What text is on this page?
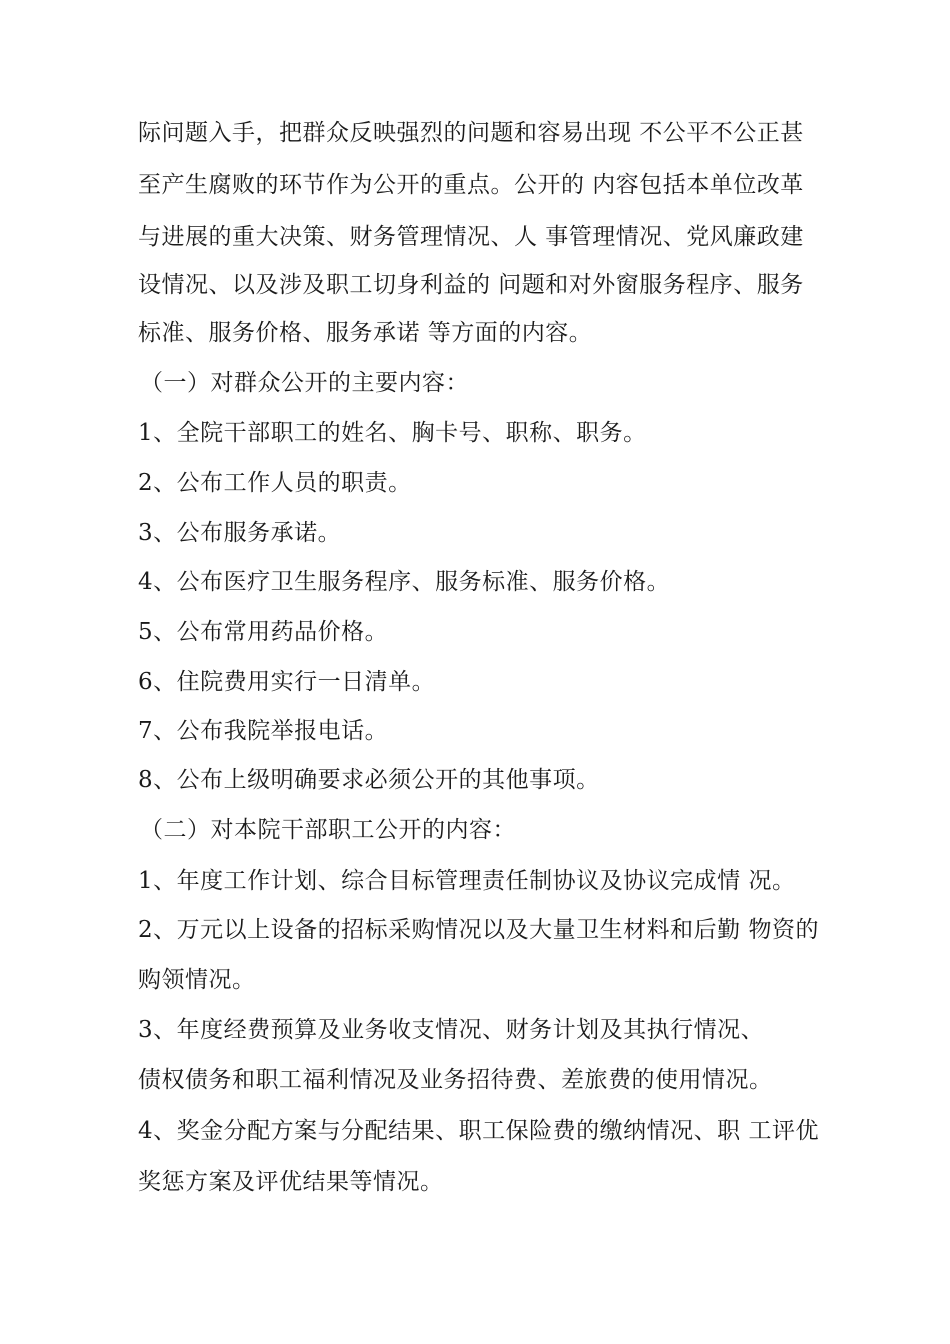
际问题入手，把群众反映强烈的问题和容易出现 不公平不公正甚
至产生腐败的环节作为公开的重点。公开的 内容包括本单位改革
与进展的重大决策、财务管理情况、人 事管理情况、党风廉政建
设情况、以及涉及职工切身利益的 问题和对外窗服务程序、服务
标准、服务价格、服务承诺 等方面的内容。
（一）对群众公开的主要内容：
1、全院干部职工的姓名、胸卡号、职称、职务。
2、公布工作人员的职责。
3、公布服务承诺。
4、公布医疗卫生服务程序、服务标准、服务价格。
5、公布常用药品价格。
6、住院费用实行一日清单。
7、公布我院举报电话。
8、公布上级明确要求必须公开的其他事项。
（二）对本院干部职工公开的内容：
1、年度工作计划、综合目标管理责任制协议及协议完成情 况。
2、万元以上设备的招标采购情况以及大量卫生材料和后勤 物资的
购领情况。
3、年度经费预算及业务收支情况、财务计划及其执行情况、
债权债务和职工福利情况及业务招待费、差旅费的使用情况。
4、奖金分配方案与分配结果、职工保险费的缴纳情况、职 工评优
奖惩方案及评优结果等情况。
